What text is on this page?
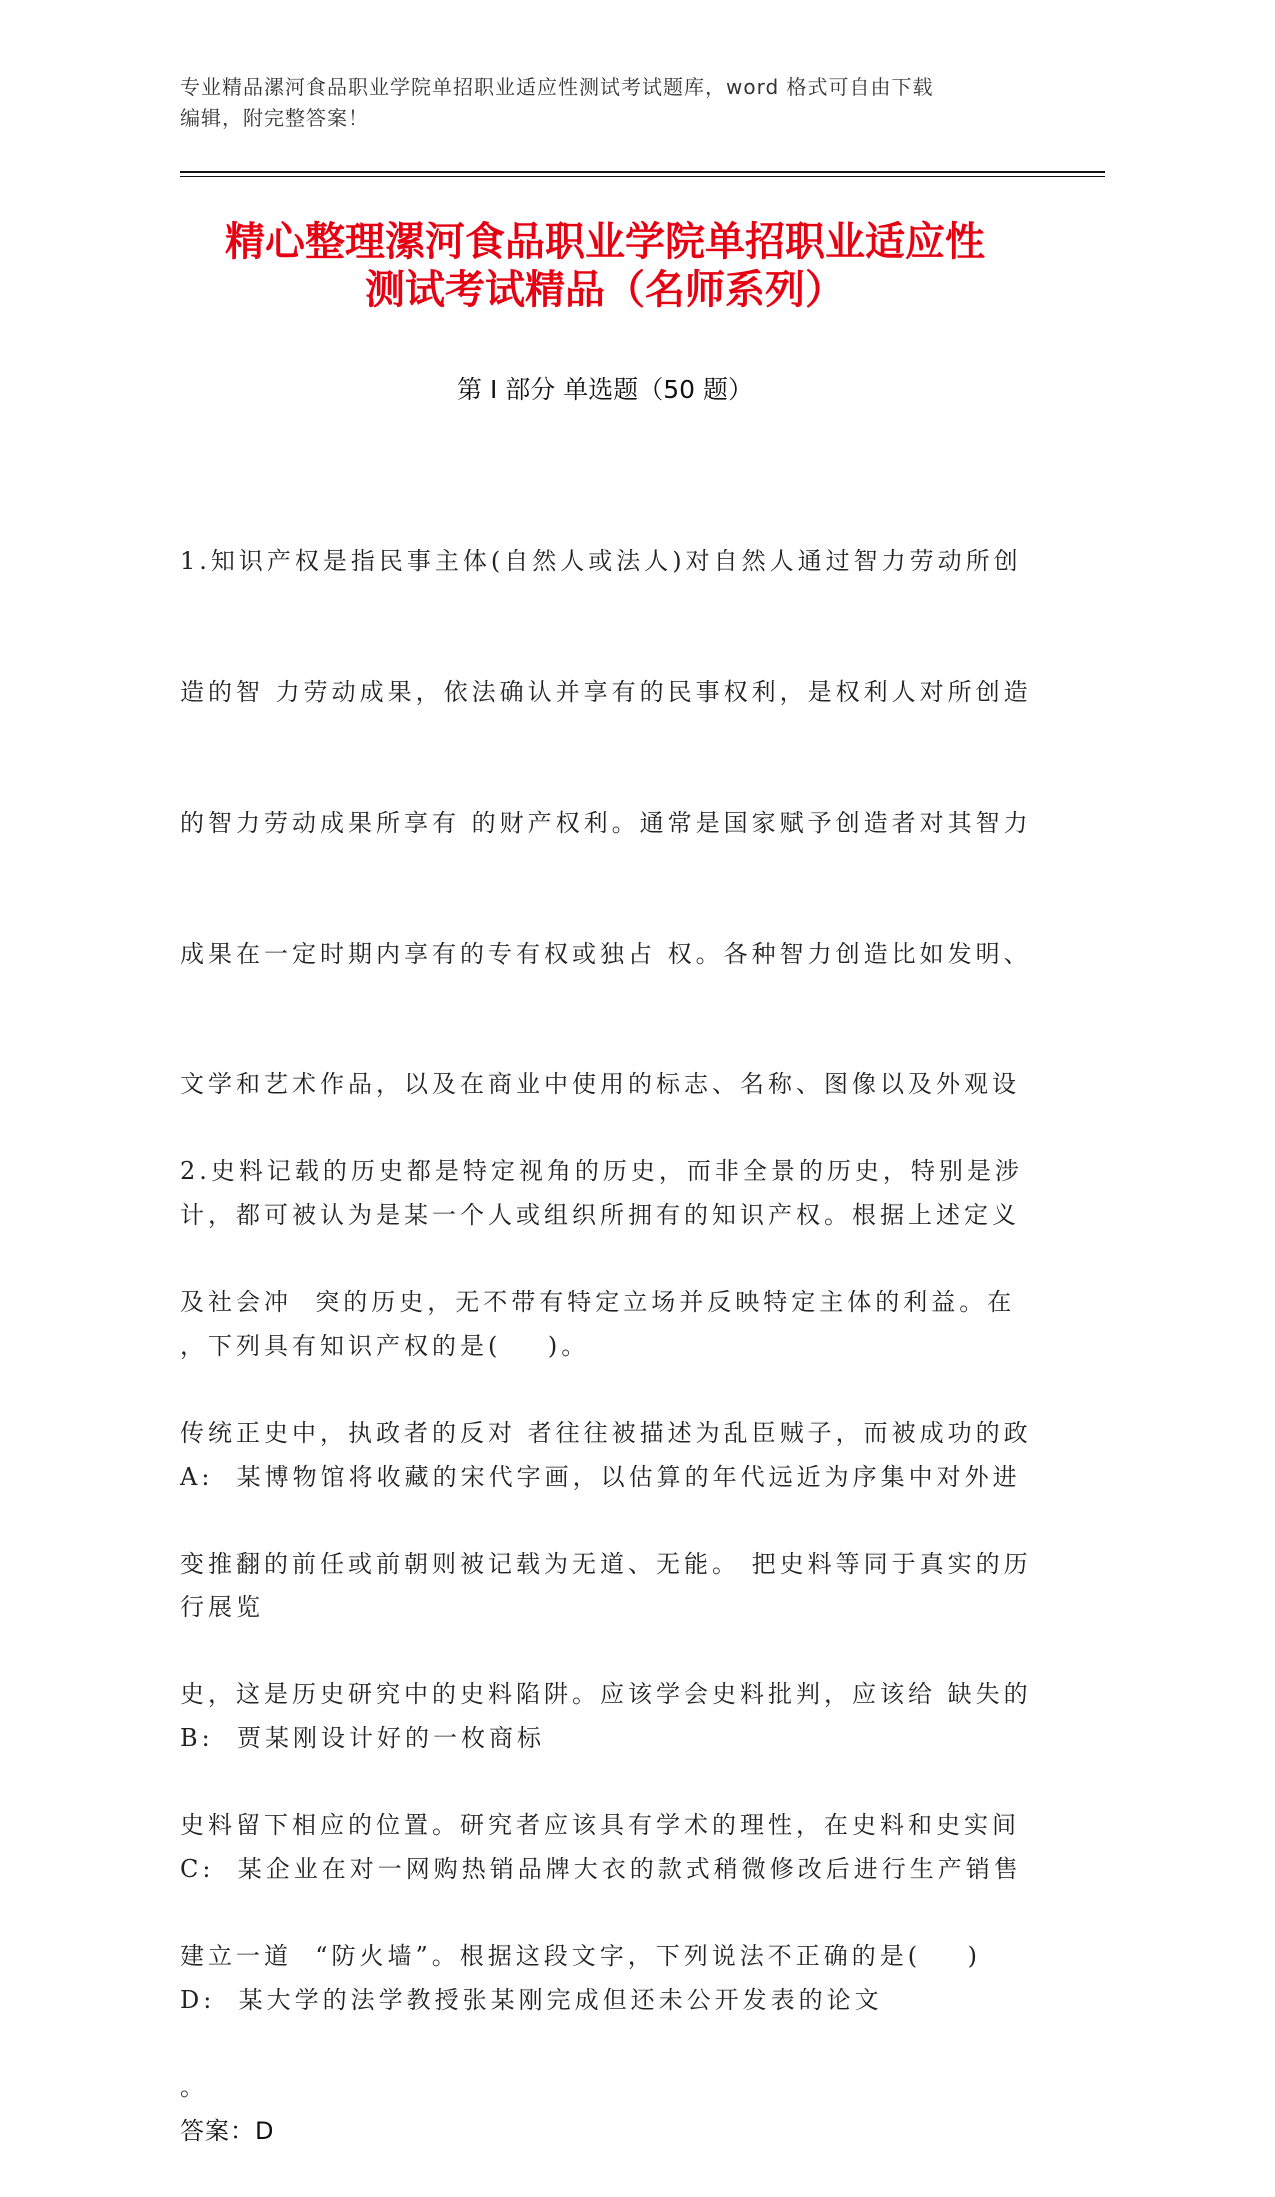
专业精品漯河食品职业学院单招职业适应性测试考试题库，word 格式可自由下载
编辑，附完整答案！
精心整理漯河食品职业学院单招职业适应性
测试考试精品（名师系列）
第 I 部分 单选题（50 题）

1.知识产权是指民事主体(自然人或法人)对自然人通过智力劳动所创

造的智 力劳动成果，依法确认并享有的民事权利，是权利人对所创造

的智力劳动成果所享有 的财产权利。通常是国家赋予创造者对其智力

成果在一定时期内享有的专有权或独占 权。各种智力创造比如发明、

文学和艺术作品，以及在商业中使用的标志、名称、图像以及外观设

计，都可被认为是某一个人或组织所拥有的知识产权。根据上述定义

，下列具有知识产权的是(    )。

A:  某博物馆将收藏的宋代字画，以估算的年代远近为序集中对外进

行展览

B:  贾某刚设计好的一枚商标

C:  某企业在对一网购热销品牌大衣的款式稍微修改后进行生产销售

D:  某大学的法学教授张某刚完成但还未公开发表的论文

答案：D

2.史料记载的历史都是特定视角的历史，而非全景的历史，特别是涉

及社会冲  突的历史，无不带有特定立场并反映特定主体的利益。在

传统正史中，执政者的反对 者往往被描述为乱臣贼子，而被成功的政

变推翻的前任或前朝则被记载为无道、无能。 把史料等同于真实的历

史，这是历史研究中的史料陷阱。应该学会史料批判，应该给 缺失的

史料留下相应的位置。研究者应该具有学术的理性，在史料和史实间

建立一道  “防火墙”。根据这段文字，下列说法不正确的是(    )

。
